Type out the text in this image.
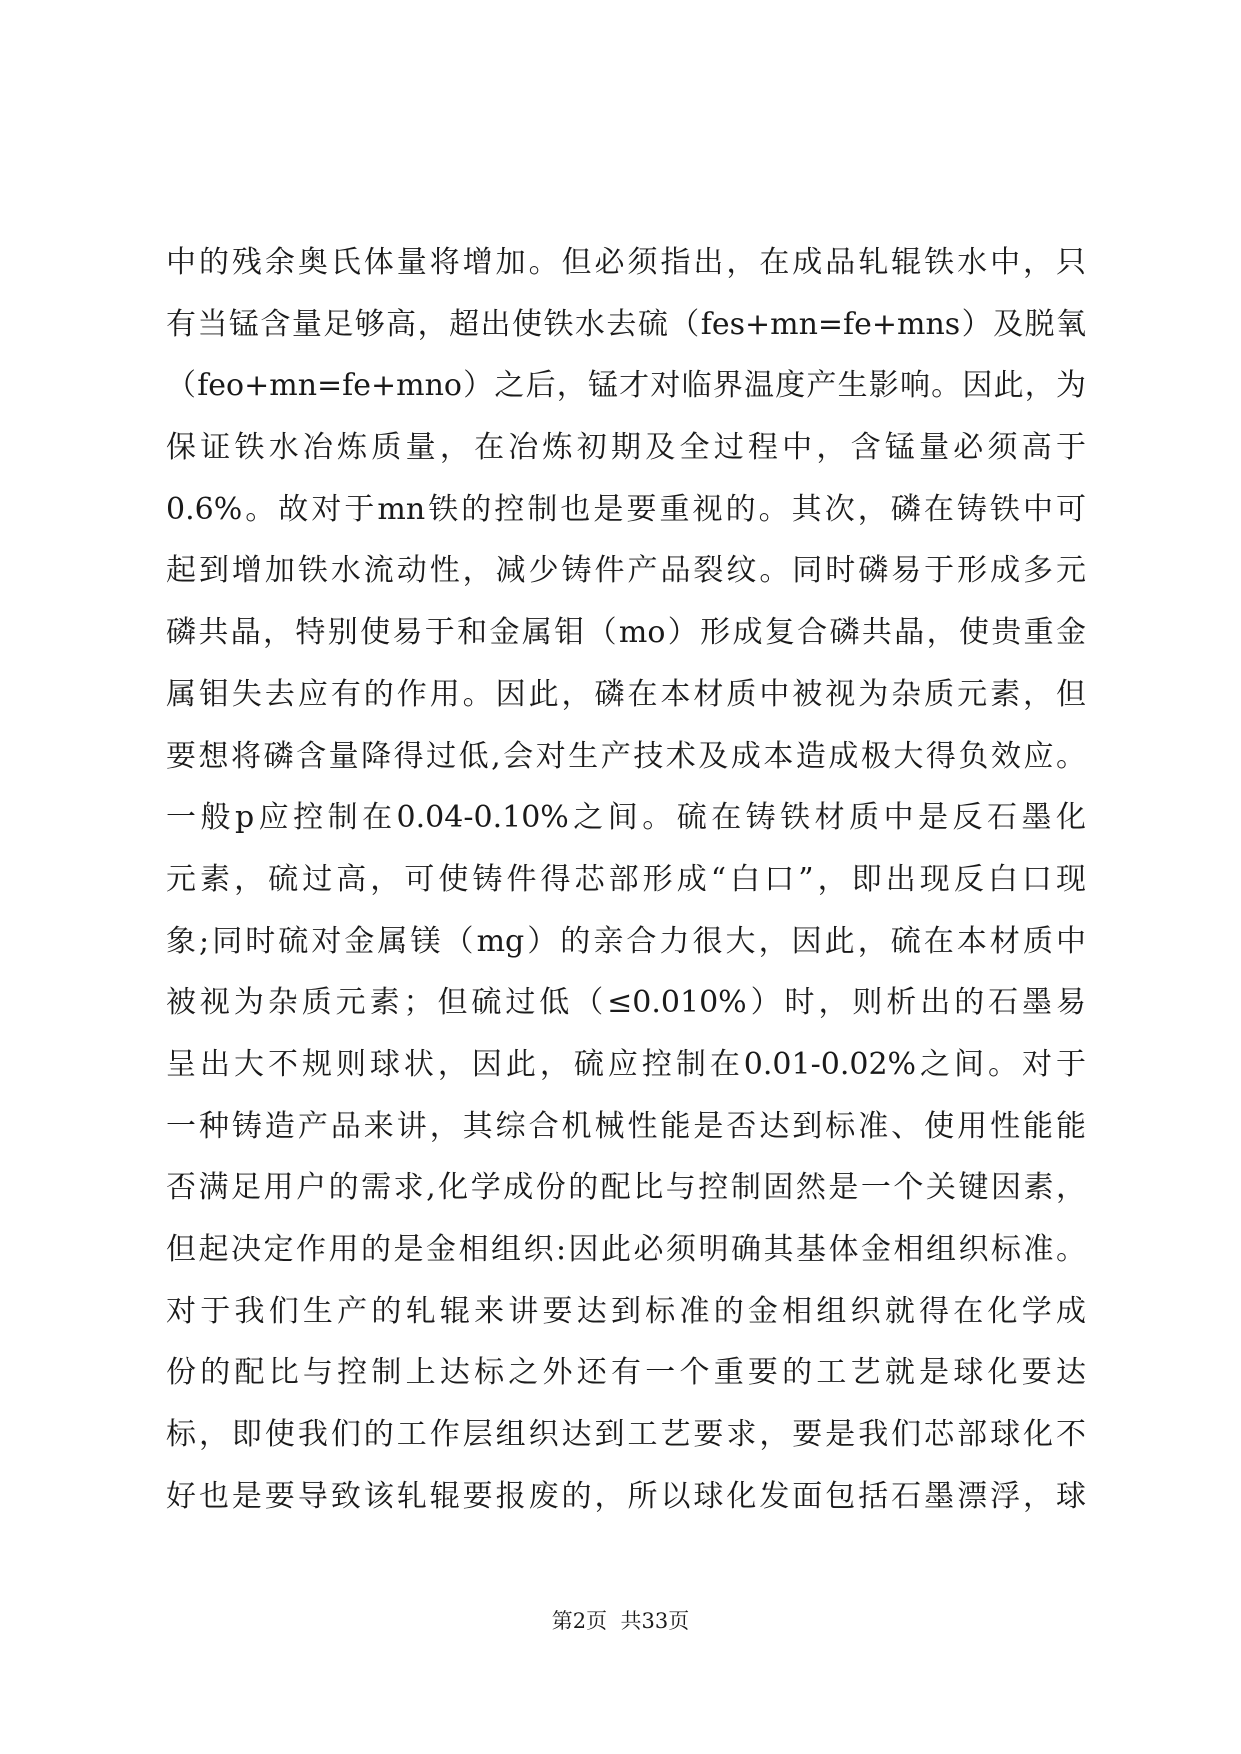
中的残余奥氏体量将增加。但必须指出，在成品轧辊铁水中，只
有当锰含量足够高，超出使铁水去硫（fes+mn=fe+mns）及脱氧
（feo+mn=fe+mno）之后，锰才对临界温度产生影响。因此，为
保证铁水冶炼质量，在冶炼初期及全过程中，含锰量必须高于
0.6%。故对于mn铁的控制也是要重视的。其次，磷在铸铁中可
起到增加铁水流动性，减少铸件产品裂纹。同时磷易于形成多元
磷共晶，特别使易于和金属钼（mo）形成复合磷共晶，使贵重金
属钼失去应有的作用。因此，磷在本材质中被视为杂质元素，但
要想将磷含量降得过低,会对生产技术及成本造成极大得负效应。
一般p应控制在0.04-0.10%之间。硫在铸铁材质中是反石墨化
元素，硫过高，可使铸件得芯部形成“白口”，即出现反白口现
象;同时硫对金属镁（mg）的亲合力很大，因此，硫在本材质中
被视为杂质元素；但硫过低（≤0.010%）时，则析出的石墨易
呈出大不规则球状，因此，硫应控制在0.01-0.02%之间。对于
一种铸造产品来讲，其综合机械性能是否达到标准、使用性能能
否满足用户的需求,化学成份的配比与控制固然是一个关键因素，
但起决定作用的是金相组织:因此必须明确其基体金相组织标准。
对于我们生产的轧辊来讲要达到标准的金相组织就得在化学成
份的配比与控制上达标之外还有一个重要的工艺就是球化要达
标，即使我们的工作层组织达到工艺要求，要是我们芯部球化不
好也是要导致该轧辊要报废的，所以球化发面包括石墨漂浮，球
第2页  共33页
